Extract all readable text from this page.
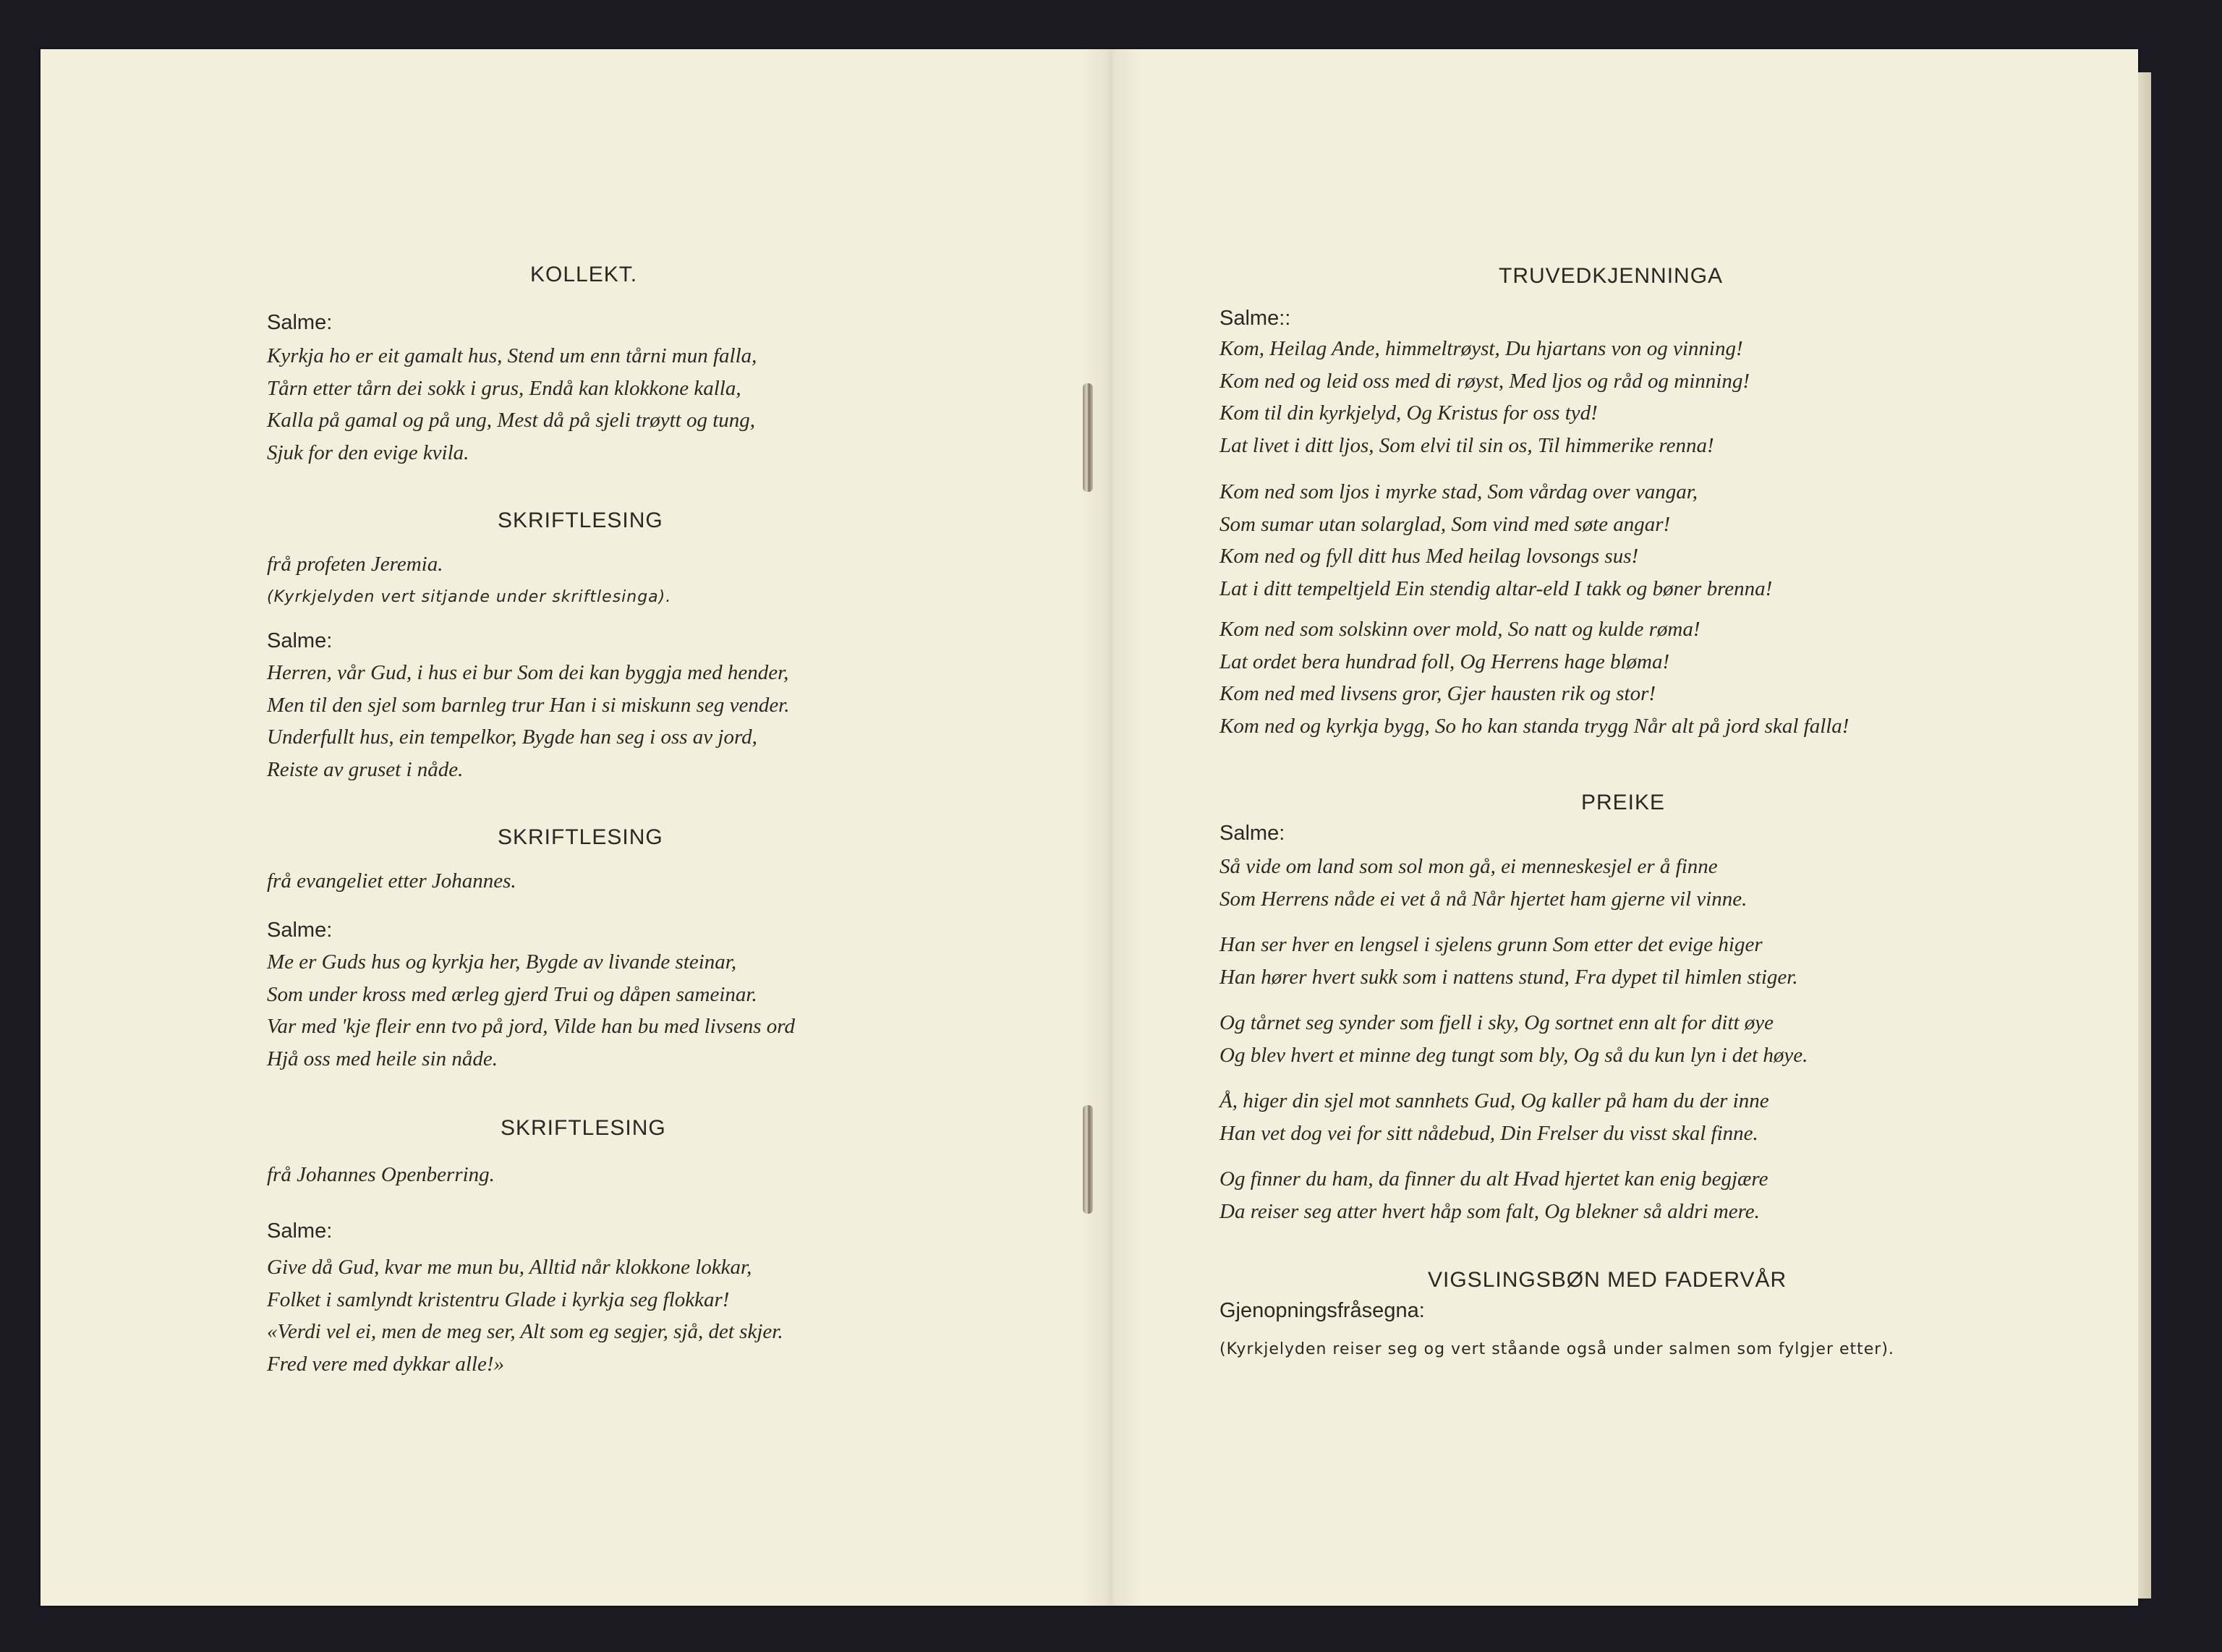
KOLLEKT.
Salme:
Kyrkja ho er eit gamalt hus, Stend um enn tårni mun falla,
Tårn etter tårn dei sokk i grus, Endå kan klokkone kalla,
Kalla på gamal og på ung, Mest då på sjeli trøytt og tung,
Sjuk for den evige kvila.
SKRIFTLESING
frå profeten Jeremia.
(Kyrkjelyden vert sitjande under skriftlesinga).
Salme:
Herren, vår Gud, i hus ei bur Som dei kan byggja med hender,
Men til den sjel som barnleg trur Han i si miskunn seg vender.
Underfullt hus, ein tempelkor, Bygde han seg i oss av jord,
Reiste av gruset i nåde.
SKRIFTLESING
frå evangeliet etter Johannes.
Salme:
Me er Guds hus og kyrkja her, Bygde av livande steinar,
Som under kross med ærleg gjerd Trui og dåpen sameinar.
Var med 'kje fleir enn tvo på jord, Vilde han bu med livsens ord
Hjå oss med heile sin nåde.
SKRIFTLESING
frå Johannes Openberring.
Salme:
Give då Gud, kvar me mun bu, Alltid når klokkone lokkar,
Folket i samlyndt kristentru Glade i kyrkja seg flokkar!
«Verdi vel ei, men de meg ser, Alt som eg segjer, sjå, det skjer.
Fred vere med dykkar alle!»
TRUVEDKJENNINGA
Salme::
Kom, Heilag Ande, himmeltrøyst, Du hjartans von og vinning!
Kom ned og leid oss med di røyst, Med ljos og råd og minning!
Kom til din kyrkjelyd, Og Kristus for oss tyd!
Lat livet i ditt ljos, Som elvi til sin os, Til himmerike renna!
Kom ned som ljos i myrke stad, Som vårdag over vangar,
Som sumar utan solarglad, Som vind med søte angar!
Kom ned og fyll ditt hus Med heilag lovsongs sus!
Lat i ditt tempeltjeld Ein stendig altar-eld I takk og bøner brenna!
Kom ned som solskinn over mold, So natt og kulde røma!
Lat ordet bera hundrad foll, Og Herrens hage bløma!
Kom ned med livsens gror, Gjer hausten rik og stor!
Kom ned og kyrkja bygg, So ho kan standa trygg Når alt på jord skal falla!
PREIKE
Salme:
Så vide om land som sol mon gå, ei menneskesjel er å finne
Som Herrens nåde ei vet å nå Når hjertet ham gjerne vil vinne.
Han ser hver en lengsel i sjelens grunn Som etter det evige higer
Han hører hvert sukk som i nattens stund, Fra dypet til himlen stiger.
Og tårnet seg synder som fjell i sky, Og sortnet enn alt for ditt øye
Og blev hvert et minne deg tungt som bly, Og så du kun lyn i det høye.
Å, higer din sjel mot sannhets Gud, Og kaller på ham du der inne
Han vet dog vei for sitt nådebud, Din Frelser du visst skal finne.
Og finner du ham, da finner du alt Hvad hjertet kan enig begjære
Da reiser seg atter hvert håp som falt, Og blekner så aldri mere.
VIGSLINGSBØN MED FADERVÅR
Gjenopningsfråsegna:
(Kyrkjelyden reiser seg og vert ståande også under salmen som fylgjer etter).
